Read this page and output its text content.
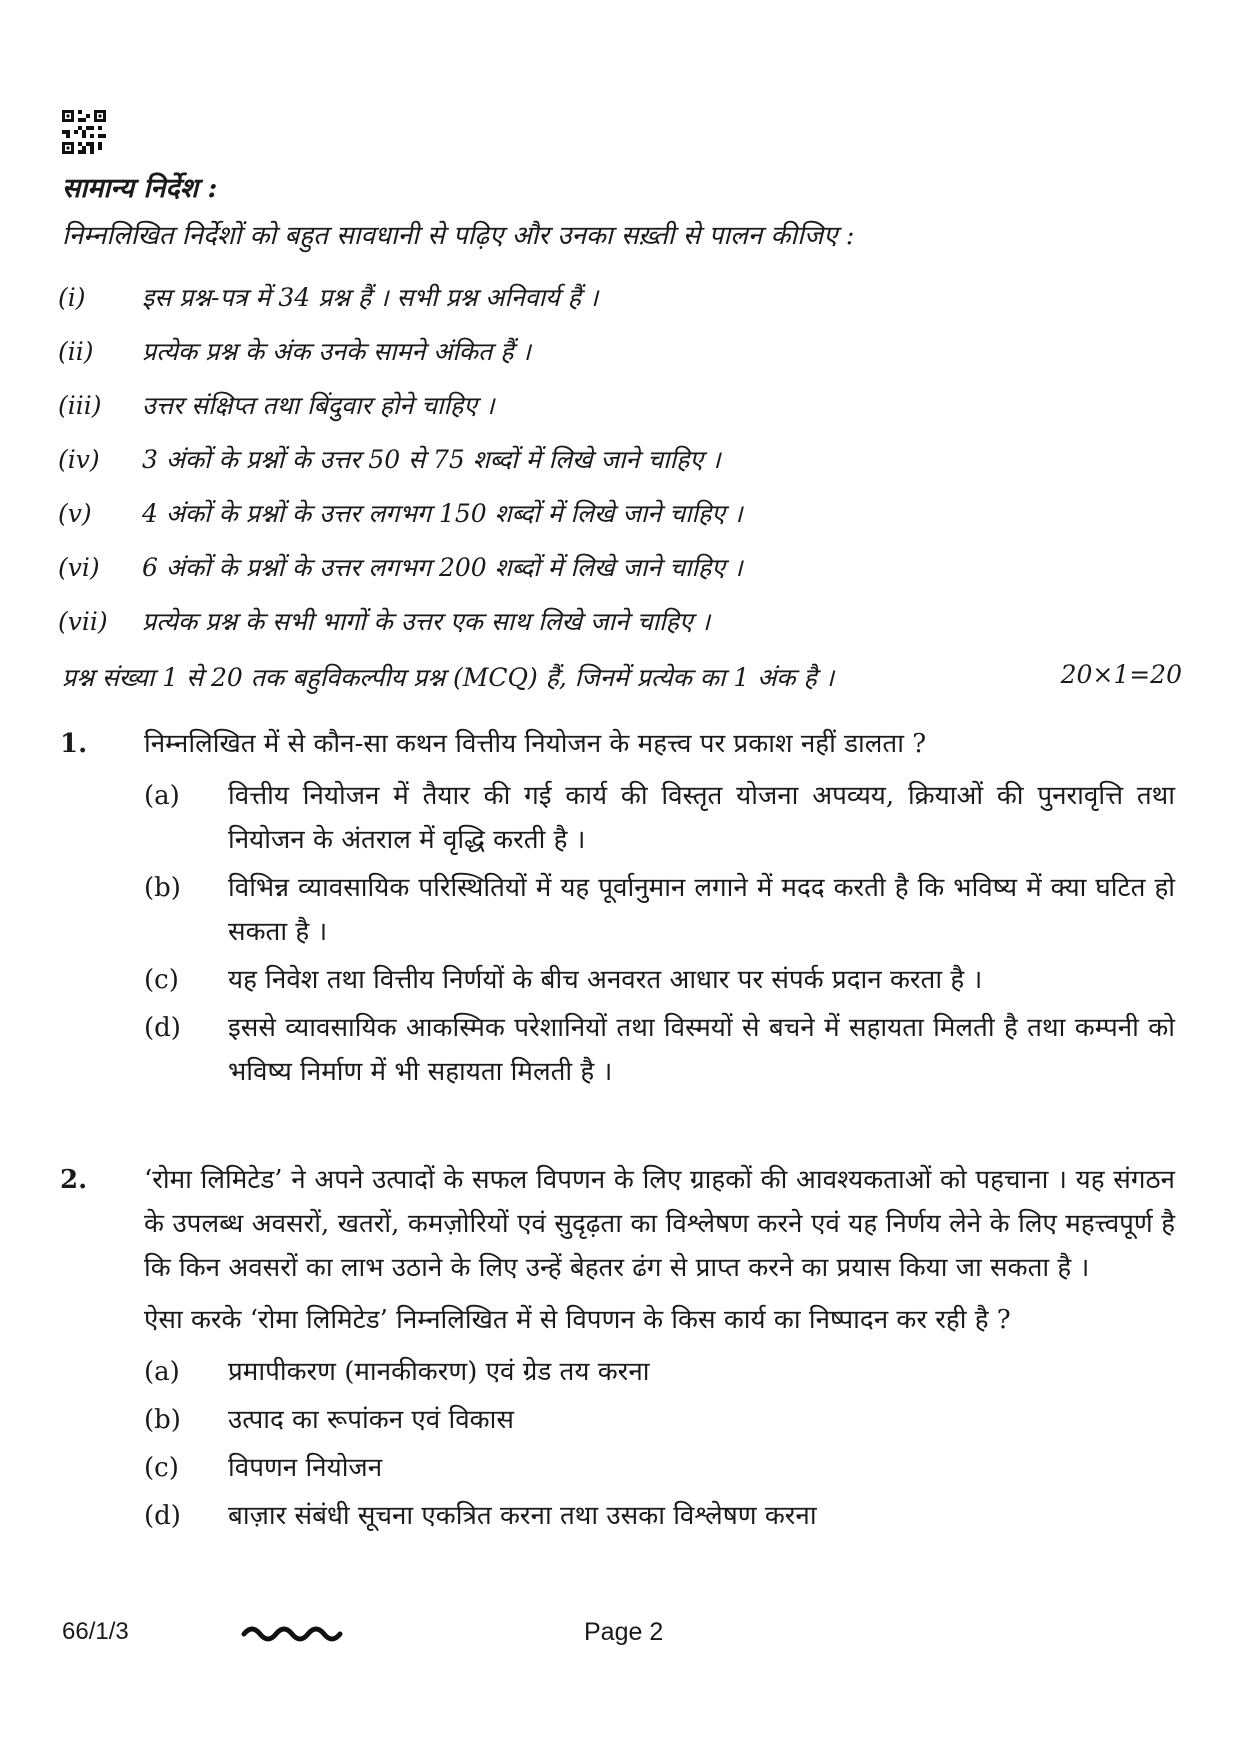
सामान्य निर्देश :
निम्नलिखित निर्देशों को बहुत सावधानी से पढ़िए और उनका सख़्ती से पालन कीजिए :
(i)	इस प्रश्न-पत्र में 34 प्रश्न हैं । सभी प्रश्न अनिवार्य हैं ।
(ii)	प्रत्येक प्रश्न के अंक उनके सामने अंकित हैं ।
(iii)	उत्तर संक्षिप्त तथा बिंदुवार होने चाहिए ।
(iv)	3 अंकों के प्रश्नों के उत्तर 50 से 75 शब्दों में लिखे जाने चाहिए ।
(v)	4 अंकों के प्रश्नों के उत्तर लगभग 150 शब्दों में लिखे जाने चाहिए ।
(vi)	6 अंकों के प्रश्नों के उत्तर लगभग 200 शब्दों में लिखे जाने चाहिए ।
(vii)	प्रत्येक प्रश्न के सभी भागों के उत्तर एक साथ लिखे जाने चाहिए ।
प्रश्न संख्या 1 से 20 तक बहुविकल्पीय प्रश्न (MCQ) हैं, जिनमें प्रत्येक का 1 अंक है ।	20×1=20
1.	निम्नलिखित में से कौन-सा कथन वित्तीय नियोजन के महत्त्व पर प्रकाश नहीं डालता ?

(a)	वित्तीय नियोजन में तैयार की गई कार्य की विस्तृत योजना अपव्यय, क्रियाओं की पुनरावृत्ति तथा नियोजन के अंतराल में वृद्धि करती है ।
(b)	विभिन्न व्यावसायिक परिस्थितियों में यह पूर्वानुमान लगाने में मदद करती है कि भविष्य में क्या घटित हो सकता है ।
(c)	यह निवेश तथा वित्तीय निर्णयों के बीच अनवरत आधार पर संपर्क प्रदान करता है ।
(d)	इससे व्यावसायिक आकस्मिक परेशानियों तथा विस्मयों से बचने में सहायता मिलती है तथा कम्पनी को भविष्य निर्माण में भी सहायता मिलती है ।
2.	‘रोमा लिमिटेड’ ने अपने उत्पादों के सफल विपणन के लिए ग्राहकों की आवश्यकताओं को पहचाना । यह संगठन के उपलब्ध अवसरों, खतरों, कमज़ोरियों एवं सुदृढ़ता का विश्लेषण करने एवं यह निर्णय लेने के लिए महत्त्वपूर्ण है कि किन अवसरों का लाभ उठाने के लिए उन्हें बेहतर ढंग से प्राप्त करने का प्रयास किया जा सकता है ।

ऐसा करके ‘रोमा लिमिटेड’ निम्नलिखित में से विपणन के किस कार्य का निष्पादन कर रही है ?

(a)	प्रमापीकरण (मानकीकरण) एवं ग्रेड तय करना
(b)	उत्पाद का रूपांकन एवं विकास
(c)	विपणन नियोजन
(d)	बाज़ार संबंधी सूचना एकत्रित करना तथा उसका विश्लेषण करना
66/1/3	Page 2
